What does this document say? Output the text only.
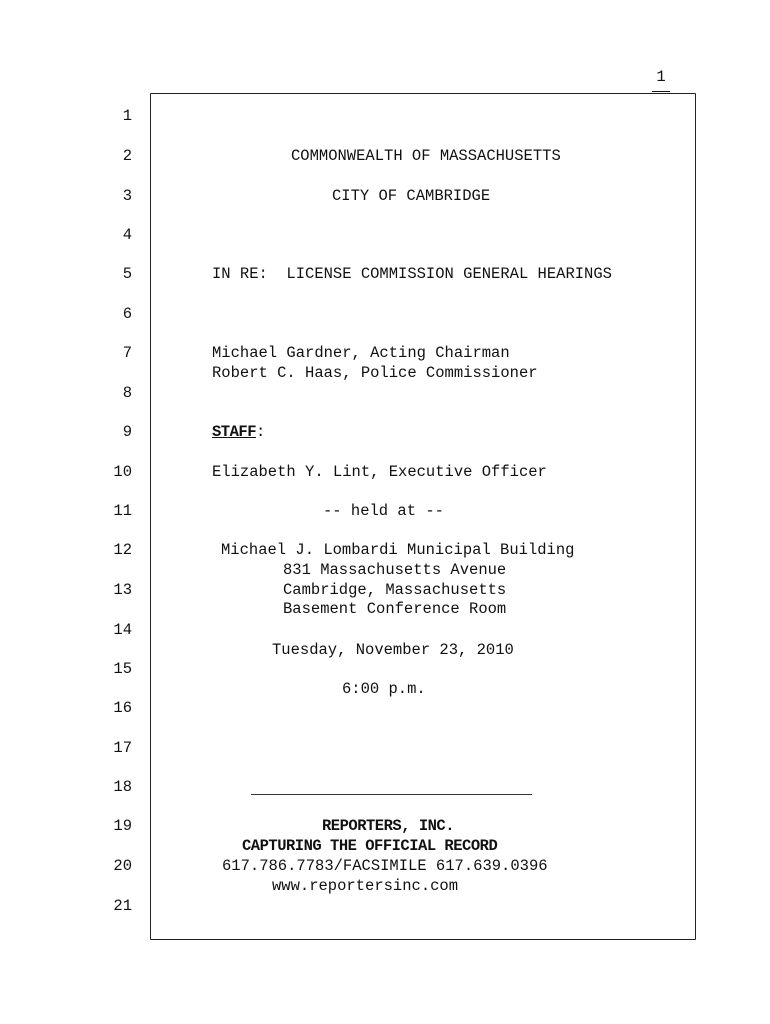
1
1
2
3
4
5
6
7
8
9
10
11
12
13
14
15
16
17
18
19
20
21
COMMONWEALTH OF MASSACHUSETTS
CITY OF CAMBRIDGE
IN RE:  LICENSE COMMISSION GENERAL HEARINGS
Michael Gardner, Acting Chairman
Robert C. Haas, Police Commissioner
STAFF:
Elizabeth Y. Lint, Executive Officer
-- held at --
Michael J. Lombardi Municipal Building
831 Massachusetts Avenue
Cambridge, Massachusetts
Basement Conference Room
Tuesday, November 23, 2010
6:00 p.m.
REPORTERS, INC.
CAPTURING THE OFFICIAL RECORD
617.786.7783/FACSIMILE 617.639.0396
www.reportersinc.com
